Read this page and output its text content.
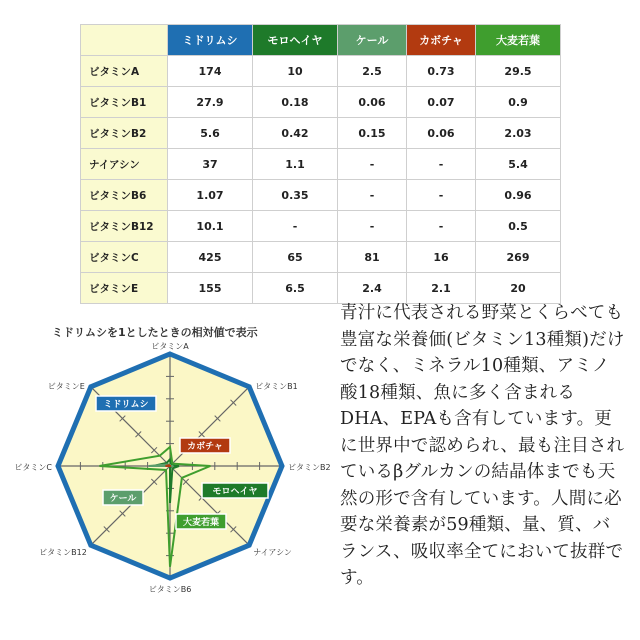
	ミドリムシ	モロヘイヤ	ケール	カボチャ	大麦若葉
ビタミンA	174	10	2.5	0.73	29.5
ビタミンB1	27.9	0.18	0.06	0.07	0.9
ビタミンB2	5.6	0.42	0.15	0.06	2.03
ナイアシン	37	1.1	-	-	5.4
ビタミンB6	1.07	0.35	-	-	0.96
ビタミンB12	10.1	-	-	-	0.5
ビタミンC	425	65	81	16	269
ビタミンE	155	6.5	2.4	2.1	20
ミドリムシを1としたときの相対値で表示
ビタミンA
ビタミンB1
ビタミンB2
ナイアシン
ビタミンB6
ビタミンB12
ビタミンC
ビタミンE
ミドリムシ
モロヘイヤ
ケール
カボチャ
大麦若葉
青汁に代表される野菜とくらべても豊富な栄養価(ビタミン13種類)だけでなく、ミネラル10種類、アミノ酸18種類、魚に多く含まれるDHA、EPAも含有しています。更に世界中で認められ、最も注目されているβグルカンの結晶体までも天然の形で含有しています。人間に必要な栄養素が59種類、量、質、バランス、吸収率全てにおいて抜群です。
